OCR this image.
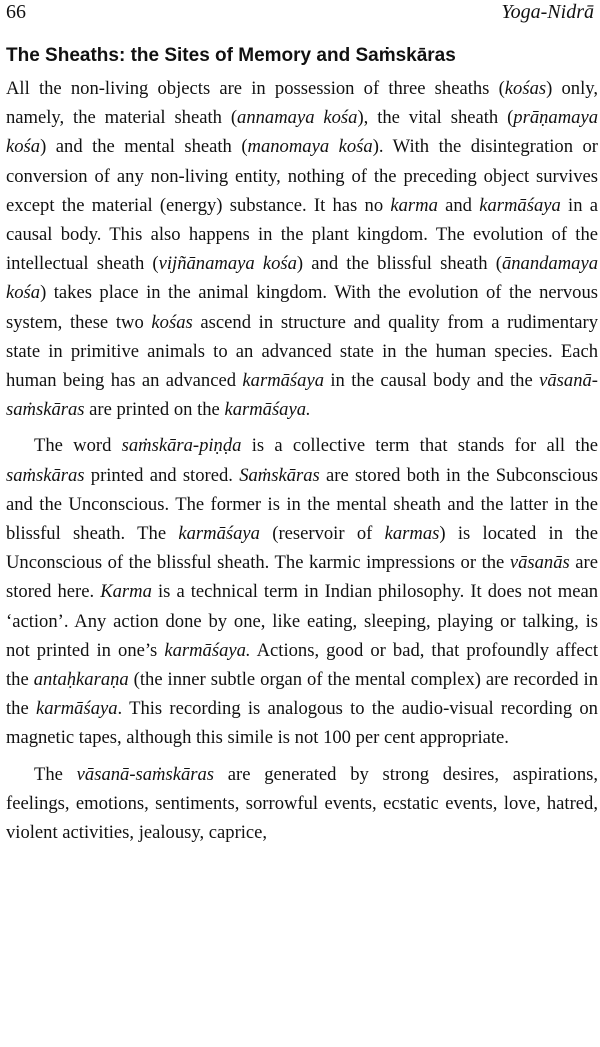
66	Yoga-Nidrā
The Sheaths: the Sites of Memory and Saṁskāras

All the non-living objects are in possession of three sheaths (kośas) only, namely, the material sheath (annamaya kośa), the vital sheath (prāṇamaya kośa) and the mental sheath (manomaya kośa). With the disintegration or conversion of any non-living entity, nothing of the preceding object survives except the material (energy) substance. It has no karma and karmāśaya in a causal body. This also happens in the plant kingdom. The evolution of the intellectual sheath (vijñānamaya kośa) and the blissful sheath (ānandamaya kośa) takes place in the animal kingdom. With the evolution of the nervous system, these two kośas ascend in structure and quality from a rudimentary state in primitive animals to an advanced state in the human species. Each human being has an advanced karmāśaya in the causal body and the vāsanā-saṁskāras are printed on the karmāśaya.

The word saṁskāra-piṇḍa is a collective term that stands for all the saṁskāras printed and stored. Saṁskāras are stored both in the Subconscious and the Unconscious. The former is in the mental sheath and the latter in the blissful sheath. The karmāśaya (reservoir of karmas) is located in the Unconscious of the blissful sheath. The karmic impressions or the vāsanās are stored here. Karma is a technical term in Indian philosophy. It does not mean ‘action’. Any action done by one, like eating, sleeping, playing or talking, is not printed in one’s karmāśaya. Actions, good or bad, that profoundly affect the antaḥkaraṇa (the inner subtle organ of the mental complex) are recorded in the karmāśaya. This recording is analogous to the audio-visual recording on magnetic tapes, although this simile is not 100 per cent appropriate.

The vāsanā-saṁskāras are generated by strong desires, aspirations, feelings, emotions, sentiments, sorrowful events, ecstatic events, love, hatred, violent activities, jealousy, caprice,
